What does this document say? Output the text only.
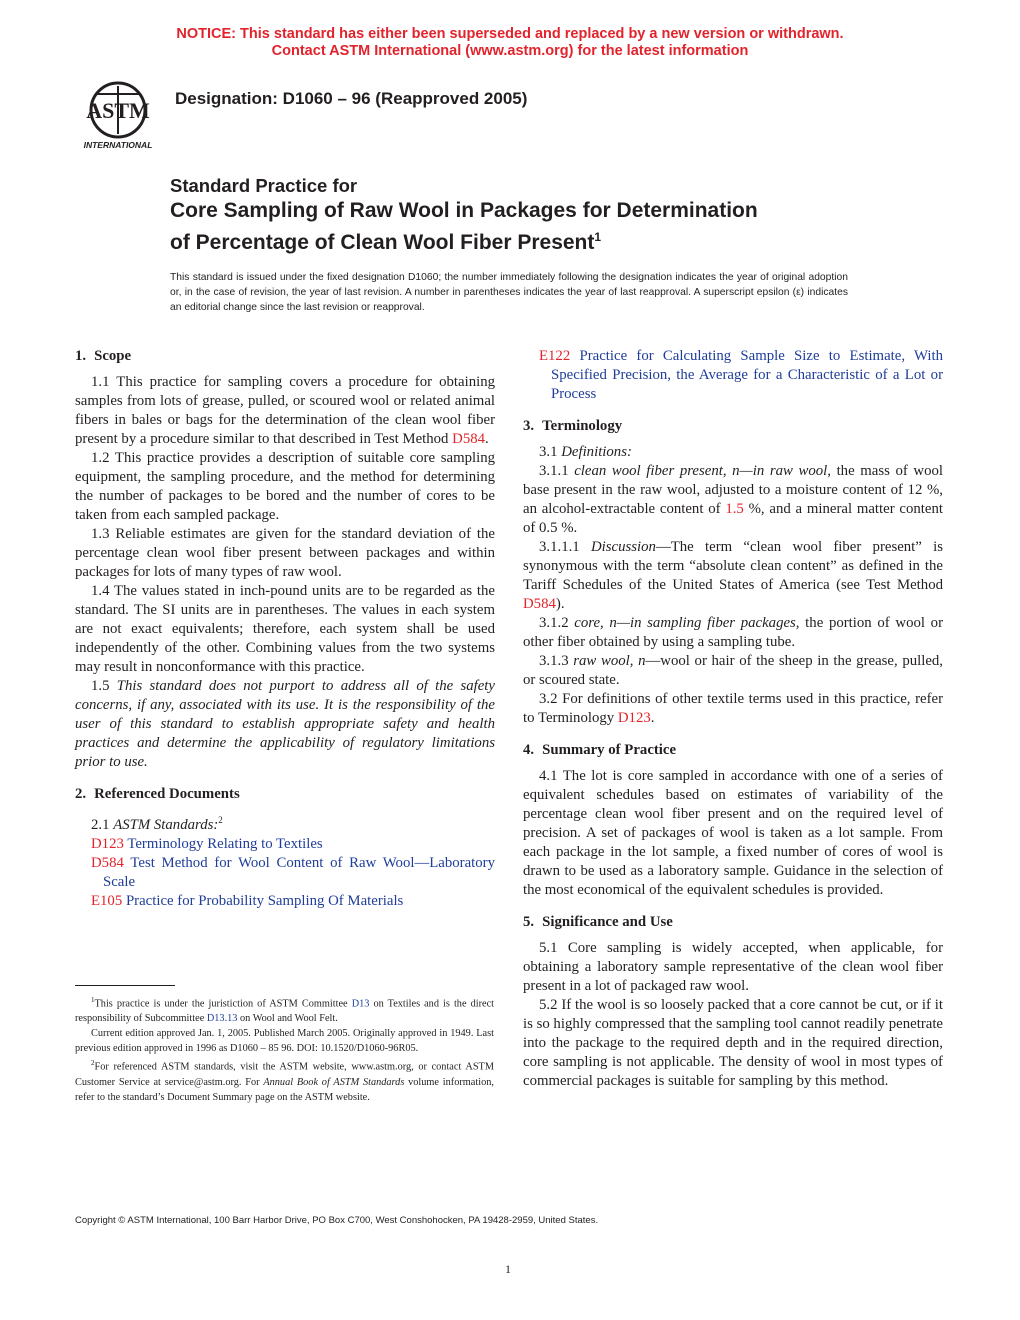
NOTICE: This standard has either been superseded and replaced by a new version or withdrawn.
Contact ASTM International (www.astm.org) for the latest information
ASTM
INTERNATIONAL
Designation: D1060 – 96 (Reapproved 2005)
Standard Practice for
Core Sampling of Raw Wool in Packages for Determination
of Percentage of Clean Wool Fiber Present$^1$
This standard is issued under the fixed designation D1060; the number immediately following the designation indicates the year of original adoption or, in the case of revision, the year of last revision. A number in parentheses indicates the year of last reapproval. A superscript epsilon (ε) indicates an editorial change since the last revision or reapproval.
1. Scope

1.1 This practice for sampling covers a procedure for obtaining samples from lots of grease, pulled, or scoured wool or related animal fibers in bales or bags for the determination of the clean wool fiber present by a procedure similar to that described in Test Method D584.

1.2 This practice provides a description of suitable core sampling equipment, the sampling procedure, and the method for determining the number of packages to be bored and the number of cores to be taken from each sampled package.

1.3 Reliable estimates are given for the standard deviation of the percentage clean wool fiber present between packages and within packages for lots of many types of raw wool.

1.4 The values stated in inch-pound units are to be regarded as the standard. The SI units are in parentheses. The values in each system are not exact equivalents; therefore, each system shall be used independently of the other. Combining values from the two systems may result in nonconformance with this practice.

1.5 This standard does not purport to address all of the safety concerns, if any, associated with its use. It is the responsibility of the user of this standard to establish appropriate safety and health practices and determine the applicability of regulatory limitations prior to use.

2. Referenced Documents

2.1 ASTM Standards:$^2$

D123 Terminology Relating to Textiles

D584 Test Method for Wool Content of Raw Wool—Laboratory Scale

E105 Practice for Probability Sampling Of Materials

E122 Practice for Calculating Sample Size to Estimate, With Specified Precision, the Average for a Characteristic of a Lot or Process

3. Terminology

3.1 Definitions:

3.1.1 clean wool fiber present, n—in raw wool, the mass of wool base present in the raw wool, adjusted to a moisture content of 12 %, an alcohol-extractable content of 1.5 %, and a mineral matter content of 0.5 %.

3.1.1.1 Discussion—The term “clean wool fiber present” is synonymous with the term “absolute clean content” as defined in the Tariff Schedules of the United States of America (see Test Method D584).

3.1.2 core, n—in sampling fiber packages, the portion of wool or other fiber obtained by using a sampling tube.

3.1.3 raw wool, n—wool or hair of the sheep in the grease, pulled, or scoured state.

3.2 For definitions of other textile terms used in this practice, refer to Terminology D123.

4. Summary of Practice

4.1 The lot is core sampled in accordance with one of a series of equivalent schedules based on estimates of variability of the percentage clean wool fiber present and on the required level of precision. A set of packages of wool is taken as a lot sample. From each package in the lot sample, a fixed number of cores of wool is drawn to be used as a laboratory sample. Guidance in the selection of the most economical of the equivalent schedules is provided.

5. Significance and Use

5.1 Core sampling is widely accepted, when applicable, for obtaining a laboratory sample representative of the clean wool fiber present in a lot of packaged raw wool.

5.2 If the wool is so loosely packed that a core cannot be cut, or if it is so highly compressed that the sampling tool cannot readily penetrate into the package to the required depth and in the required direction, core sampling is not applicable. The density of wool in most types of commercial packages is suitable for sampling by this method.

$^1$This practice is under the juristiction of ASTM Committee D13 on Textiles and is the direct responsibility of Subcommittee D13.13 on Wool and Wool Felt.

Current edition approved Jan. 1, 2005. Published March 2005. Originally approved in 1949. Last previous edition approved in 1996 as D1060 – 85 96. DOI: 10.1520/D1060-96R05.

$^2$For referenced ASTM standards, visit the ASTM website, www.astm.org, or contact ASTM Customer Service at service@astm.org. For Annual Book of ASTM Standards volume information, refer to the standard’s Document Summary page on the ASTM website.

Copyright © ASTM International, 100 Barr Harbor Drive, PO Box C700, West Conshohocken, PA 19428-2959, United States.
1
